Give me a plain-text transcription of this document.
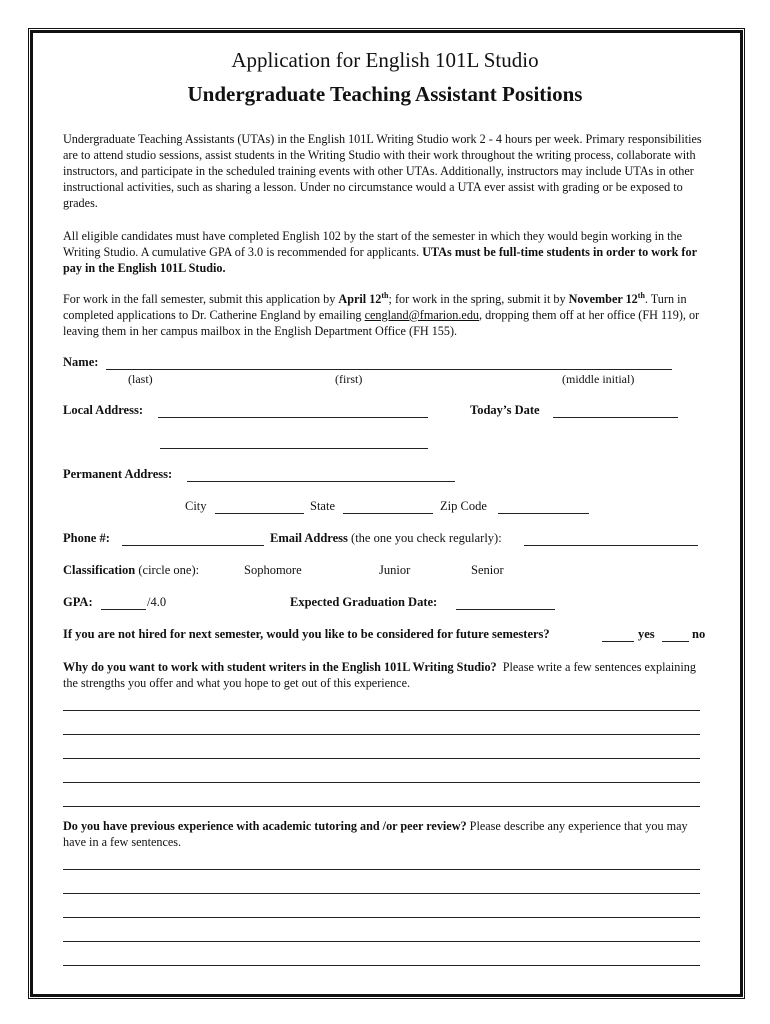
Application for English 101L Studio
Undergraduate Teaching Assistant Positions
Undergraduate Teaching Assistants (UTAs) in the English 101L Writing Studio work 2 - 4 hours per week. Primary responsibilities are to attend studio sessions, assist students in the Writing Studio with their work throughout the writing process, collaborate with instructors, and participate in the scheduled training events with other UTAs. Additionally, instructors may include UTAs in other instructional activities, such as sharing a lesson. Under no circumstance would a UTA ever assist with grading or be exposed to grades.
All eligible candidates must have completed English 102 by the start of the semester in which they would begin working in the Writing Studio. A cumulative GPA of 3.0 is recommended for applicants. UTAs must be full-time students in order to work for pay in the English 101L Studio.
For work in the fall semester, submit this application by April 12th; for work in the spring, submit it by November 12th. Turn in completed applications to Dr. Catherine England by emailing cengland@fmarion.edu, dropping them off at her office (FH 119), or leaving them in her campus mailbox in the English Department Office (FH 155).
Name:
(last)	(first)	(middle initial)
Local Address:	Today’s Date
Permanent Address:
City	State	Zip Code
Phone #:	Email Address (the one you check regularly):
Classification (circle one):	Sophomore	Junior	Senior
GPA:	/4.0	Expected Graduation Date:
If you are not hired for next semester, would you like to be considered for future semesters?	yes	no
Why do you want to work with student writers in the English 101L Writing Studio? Please write a few sentences explaining the strengths you offer and what you hope to get out of this experience.
Do you have previous experience with academic tutoring and /or peer review? Please describe any experience that you may have in a few sentences.
